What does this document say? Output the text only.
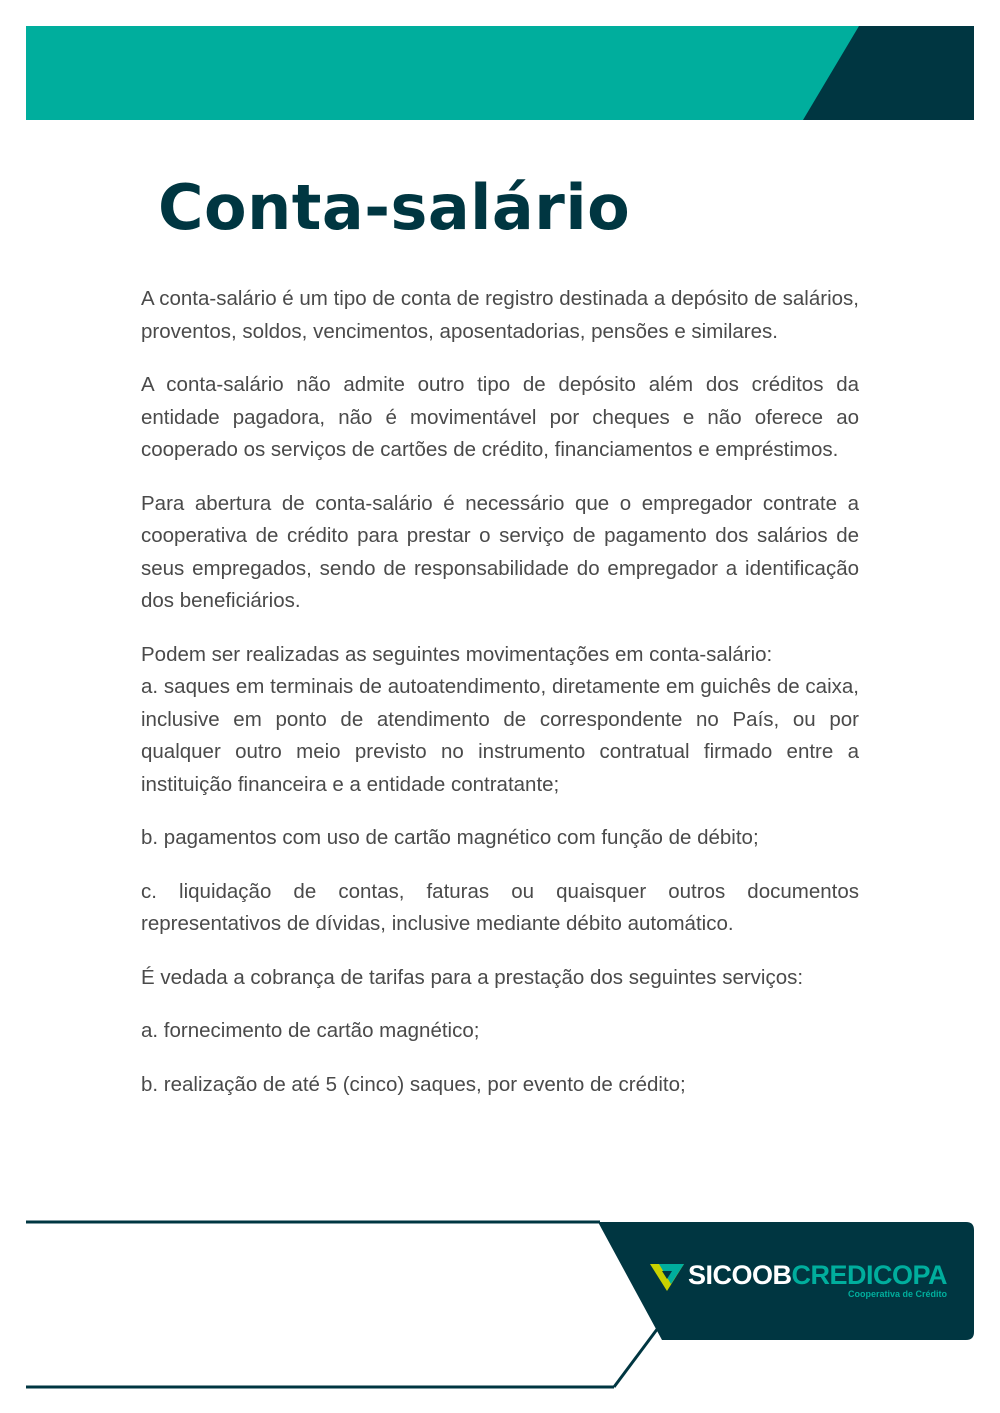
Conta-salário

A conta-salário é um tipo de conta de registro destinada a depósito de salários, proventos, soldos, vencimentos, aposentadorias, pensões e similares.

A conta-salário não admite outro tipo de depósito além dos créditos da entidade pagadora, não é movimentável por cheques e não oferece ao cooperado os serviços de cartões de crédito, financiamentos e empréstimos.

Para abertura de conta-salário é necessário que o empregador contrate a cooperativa de crédito para prestar o serviço de pagamento dos salários de seus empregados, sendo de responsabilidade do empregador a identificação dos beneficiários.

Podem ser realizadas as seguintes movimentações em conta-salário:

a. saques em terminais de autoatendimento, diretamente em guichês de caixa, inclusive em ponto de atendimento de correspondente no País, ou por qualquer outro meio previsto no instrumento contratual firmado entre a instituição financeira e a entidade contratante;

b. pagamentos com uso de cartão magnético com função de débito;

c. liquidação de contas, faturas ou quaisquer outros documentos representativos de dívidas, inclusive mediante débito automático.

É vedada a cobrança de tarifas para a prestação dos seguintes serviços:

a. fornecimento de cartão magnético;

b. realização de até 5 (cinco) saques, por evento de crédito;

SICOOBCREDICOPA
Cooperativa de Crédito
